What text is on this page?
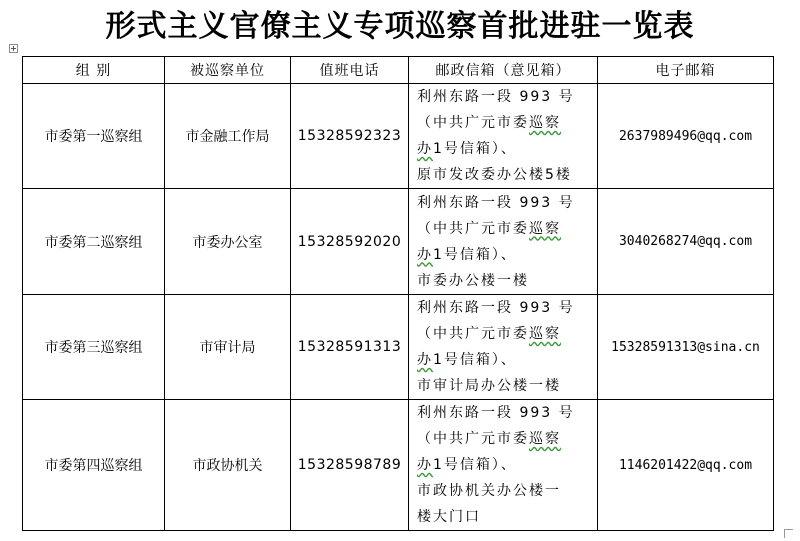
形式主义官僚主义专项巡察首批进驻一览表
组 别	被巡察单位	值班电话	邮政信箱（意见箱）	电子邮箱
市委第一巡察组	市金融工作局	15328592323	利州东路一段 993 号
（中共广元市委巡察
办1号信箱）、
原市发改委办公楼5楼	2637989496@qq.com
市委第二巡察组	市委办公室	15328592020	利州东路一段 993 号
（中共广元市委巡察
办1号信箱）、
市委办公楼一楼	3040268274@qq.com
市委第三巡察组	市审计局	15328591313	利州东路一段 993 号
（中共广元市委巡察
办1号信箱）、
市审计局办公楼一楼	15328591313@sina.cn
市委第四巡察组	市政协机关	15328598789	利州东路一段 993 号
（中共广元市委巡察
办1号信箱）、
市政协机关办公楼一
楼大门口	1146201422@qq.com
